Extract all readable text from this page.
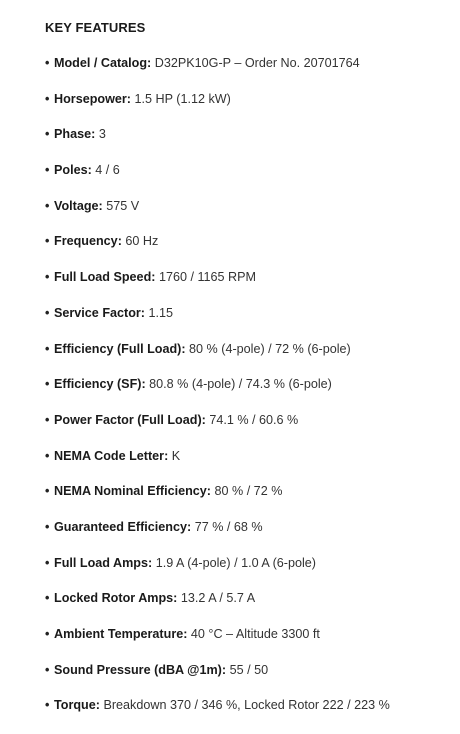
KEY FEATURES
• Model / Catalog: D32PK10G-P – Order No. 20701764
• Horsepower: 1.5 HP (1.12 kW)
• Phase: 3
• Poles: 4 / 6
• Voltage: 575 V
• Frequency: 60 Hz
• Full Load Speed: 1760 / 1165 RPM
• Service Factor: 1.15
• Efficiency (Full Load): 80 % (4-pole) / 72 % (6-pole)
• Efficiency (SF): 80.8 % (4-pole) / 74.3 % (6-pole)
• Power Factor (Full Load): 74.1 % / 60.6 %
• NEMA Code Letter: K
• NEMA Nominal Efficiency: 80 % / 72 %
• Guaranteed Efficiency: 77 % / 68 %
• Full Load Amps: 1.9 A (4-pole) / 1.0 A (6-pole)
• Locked Rotor Amps: 13.2 A / 5.7 A
• Ambient Temperature: 40 °C – Altitude 3300 ft
• Sound Pressure (dBA @1m): 55 / 50
• Torque: Breakdown 370 / 346 %, Locked Rotor 222 / 223 %
